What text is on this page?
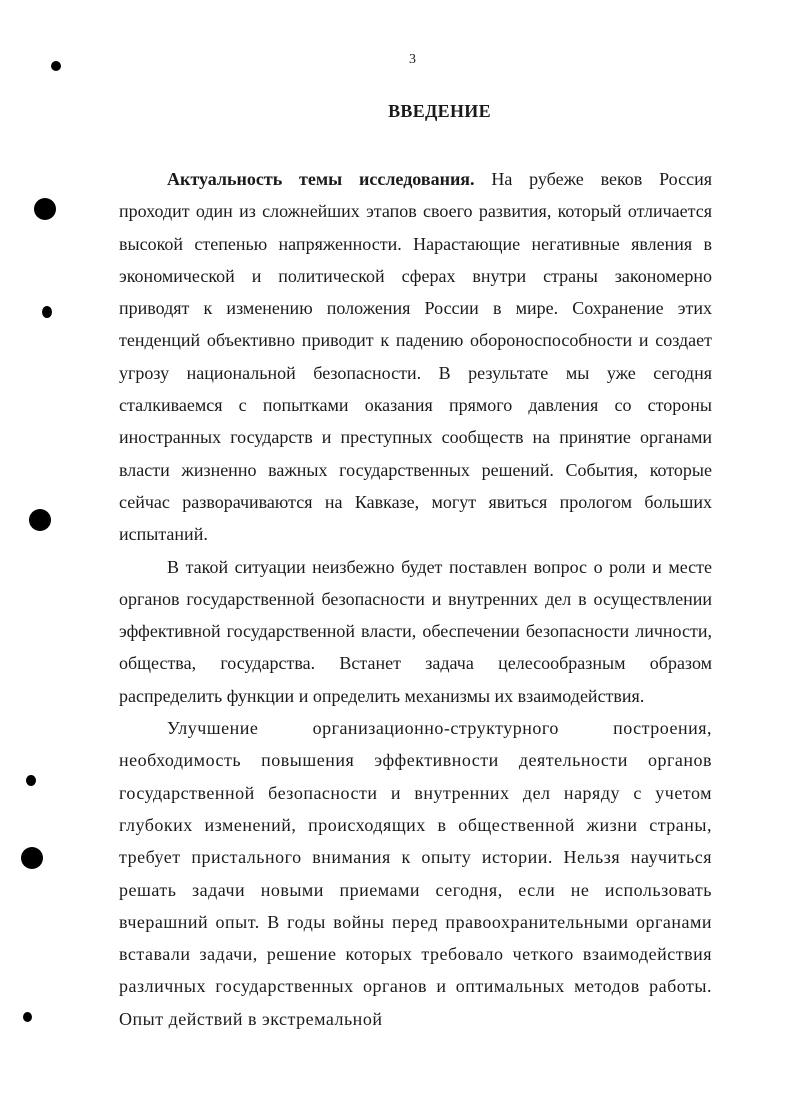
3
ВВЕДЕНИЕ

Актуальность темы исследования. На рубеже веков Россия проходит один из сложнейших этапов своего развития, который отличается высокой степенью напряженности. Нарастающие негативные явления в экономической и политической сферах внутри страны закономерно приводят к изменению положения России в мире. Сохранение этих тенденций объективно приводит к падению обороноспособности и создает угрозу национальной безопасности. В результате мы уже сегодня сталкиваемся с попытками оказания прямого давления со стороны иностранных государств и преступных сообществ на принятие органами власти жизненно важных государственных решений. События, которые сейчас разворачиваются на Кавказе, могут явиться прологом больших испытаний.

В такой ситуации неизбежно будет поставлен вопрос о роли и месте органов государственной безопасности и внутренних дел в осуществлении эффективной государственной власти, обеспечении безопасности личности, общества, государства. Встанет задача целесообразным образом распределить функции и определить механизмы их взаимодействия.

Улучшение организационно-структурного построения, необходимость повышения эффективности деятельности органов государственной безопасности и внутренних дел наряду с учетом глубоких изменений, происходящих в общественной жизни страны, требует пристального внимания к опыту истории. Нельзя научиться решать задачи новыми приемами сегодня, если не использовать вчерашний опыт. В годы войны перед правоохранительными органами вставали задачи, решение которых требовало четкого взаимодействия различных государственных органов и оптимальных методов работы. Опыт действий в экстремальной
